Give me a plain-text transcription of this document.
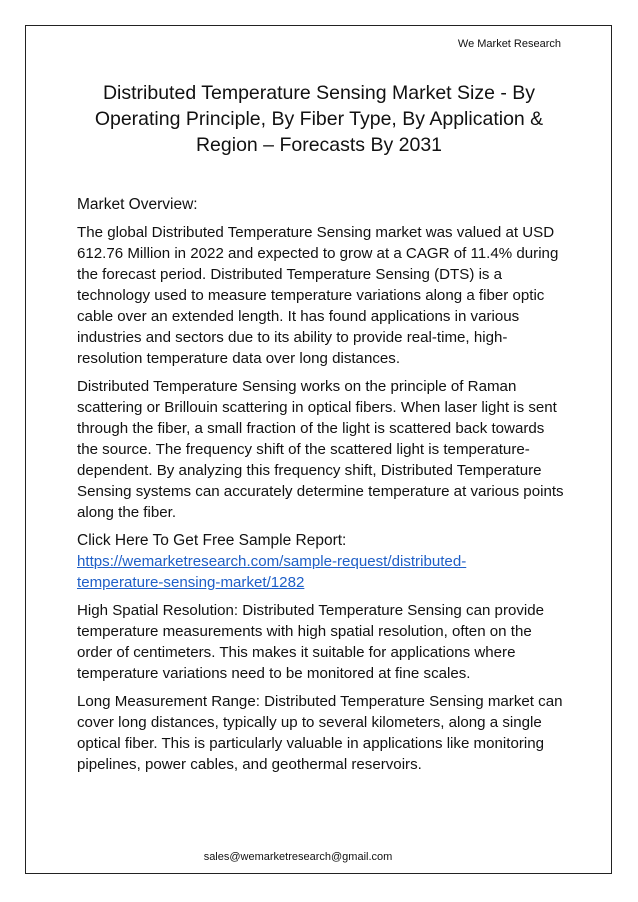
We Market Research
Distributed Temperature Sensing Market Size - By
Operating Principle, By Fiber Type, By Application &
Region – Forecasts By 2031

Market Overview:

The global Distributed Temperature Sensing market was valued at USD 612.76 Million in 2022 and expected to grow at a CAGR of 11.4% during the forecast period. Distributed Temperature Sensing (DTS) is a technology used to measure temperature variations along a fiber optic cable over an extended length. It has found applications in various industries and sectors due to its ability to provide real-time, high-resolution temperature data over long distances.

Distributed Temperature Sensing works on the principle of Raman scattering or Brillouin scattering in optical fibers. When laser light is sent through the fiber, a small fraction of the light is scattered back towards the source. The frequency shift of the scattered light is temperature-dependent. By analyzing this frequency shift, Distributed Temperature Sensing systems can accurately determine temperature at various points along the fiber.

Click Here To Get Free Sample Report:

https://wemarketresearch.com/sample-request/distributed-
temperature-sensing-market/1282

High Spatial Resolution: Distributed Temperature Sensing can provide temperature measurements with high spatial resolution, often on the order of centimeters. This makes it suitable for applications where temperature variations need to be monitored at fine scales.

Long Measurement Range: Distributed Temperature Sensing market can cover long distances, typically up to several kilometers, along a single optical fiber. This is particularly valuable in applications like monitoring pipelines, power cables, and geothermal reservoirs.

sales@wemarketresearch@gmail.com
